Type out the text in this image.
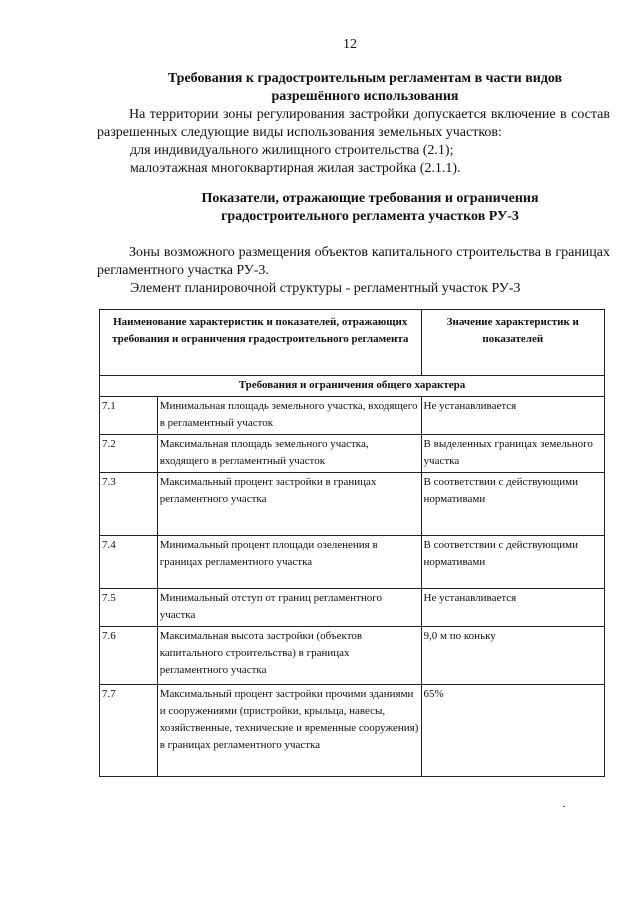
12
Требования к градостроительным регламентам в части видов разрешённого использования
На территории зоны регулирования застройки допускается включение в состав разрешенных следующие виды использования земельных участков:
для индивидуального жилищного строительства (2.1);
малоэтажная многоквартирная жилая застройка (2.1.1).
Показатели, отражающие требования и ограничения градостроительного регламента участков РУ-3
Зоны возможного размещения объектов капитального строительства в границах регламентного участка РУ-3.
Элемент планировочной структуры - регламентный участок РУ-3
Наименование характеристик и показателей, отражающих требования и ограничения градостроительного регламента		Значение характеристик и показателей
Требования и ограничения общего характера		
7.1	Минимальная площадь земельного участка, входящего в регламентный участок	Не устанавливается
7.2	Максимальная площадь земельного участка, входящего в регламентный участок	В выделенных границах земельного участка
7.3	Максимальный процент застройки в границах регламентного участка	В соответствии с действующими нормативами
7.4	Минимальный процент площади озеленения в границах регламентного участка	В соответствии с действующими нормативами
7.5	Минимальный отступ от границ регламентного участка	Не устанавливается
7.6	Максимальная высота застройки (объектов капитального строительства) в границах регламентного участка	9,0 м по коньку
7.7	Максимальный процент застройки прочими зданиями и сооружениями (пристройки, крыльца, навесы, хозяйственные, технические и временные сооружения) в границах регламентного участка	65%
